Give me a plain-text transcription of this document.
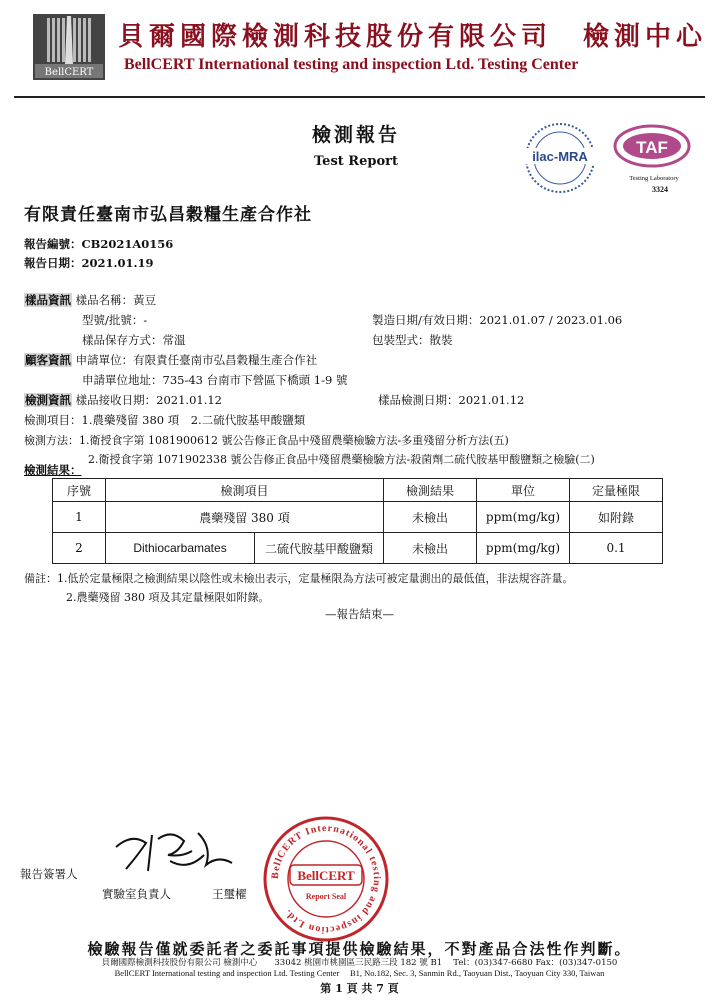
BellCERT
貝爾國際檢測科技股份有限公司　檢測中心
BellCERT International testing and inspection Ltd. Testing Center
檢測報告
Test Report	ilac-MRA	TAF
Testing Laboratory
3324
有限責任臺南市弘昌穀糧生產合作社
報告編號：CB2021A0156
報告日期：2021.01.19
樣品資訊 樣品名稱：黃豆
型號/批號：-	製造日期/有效日期：2021.01.07 / 2023.01.06
樣品保存方式：常溫	包裝型式：散裝
顧客資訊 申請單位：有限責任臺南市弘昌穀糧生產合作社
申請單位地址：735-43 台南市下營區下橋頭 1-9 號
檢測資訊 樣品接收日期：2021.01.12	樣品檢測日期：2021.01.12
檢測項目：1.農藥殘留 380 項　2.二硫代胺基甲酸鹽類
檢測方法：1.衛授食字第 1081900612 號公告修正食品中殘留農藥檢驗方法-多重殘留分析方法(五)
2.衛授食字第 1071902338 號公告修正食品中殘留農藥檢驗方法-殺菌劑二硫代胺基甲酸鹽類之檢驗(二)
檢測結果：
序號	檢測項目		檢測結果	單位	定量極限
1	農藥殘留 380 項		未檢出	ppm(mg/kg)	如附錄
2	Dithiocarbamates	二硫代胺基甲酸鹽類	未檢出	ppm(mg/kg)	0.1
備註：1.低於定量極限之檢測結果以陰性或未檢出表示，定量極限為方法可被定量測出的最低值，非法規容許量。
2.農藥殘留 380 項及其定量極限如附錄。
—報告結束—
報告簽署人
實驗室負責人	王璽櫂
BellCERT International testing and inspection Ltd.
BellCERT
Report Seal
檢驗報告僅就委託者之委託事項提供檢驗結果，不對產品合法性作判斷。
貝爾國際檢測科技股份有限公司 檢測中心　　33042 桃園市桃園區三民路三段 182 號 B1　 Tel：(03)347-6680 Fax：(03)347-0150
BellCERT International testing and inspection Ltd. Testing Center　 B1, No.182, Sec. 3, Sanmin Rd., Taoyuan Dist., Taoyuan City 330, Taiwan
第 1 頁 共 7 頁
